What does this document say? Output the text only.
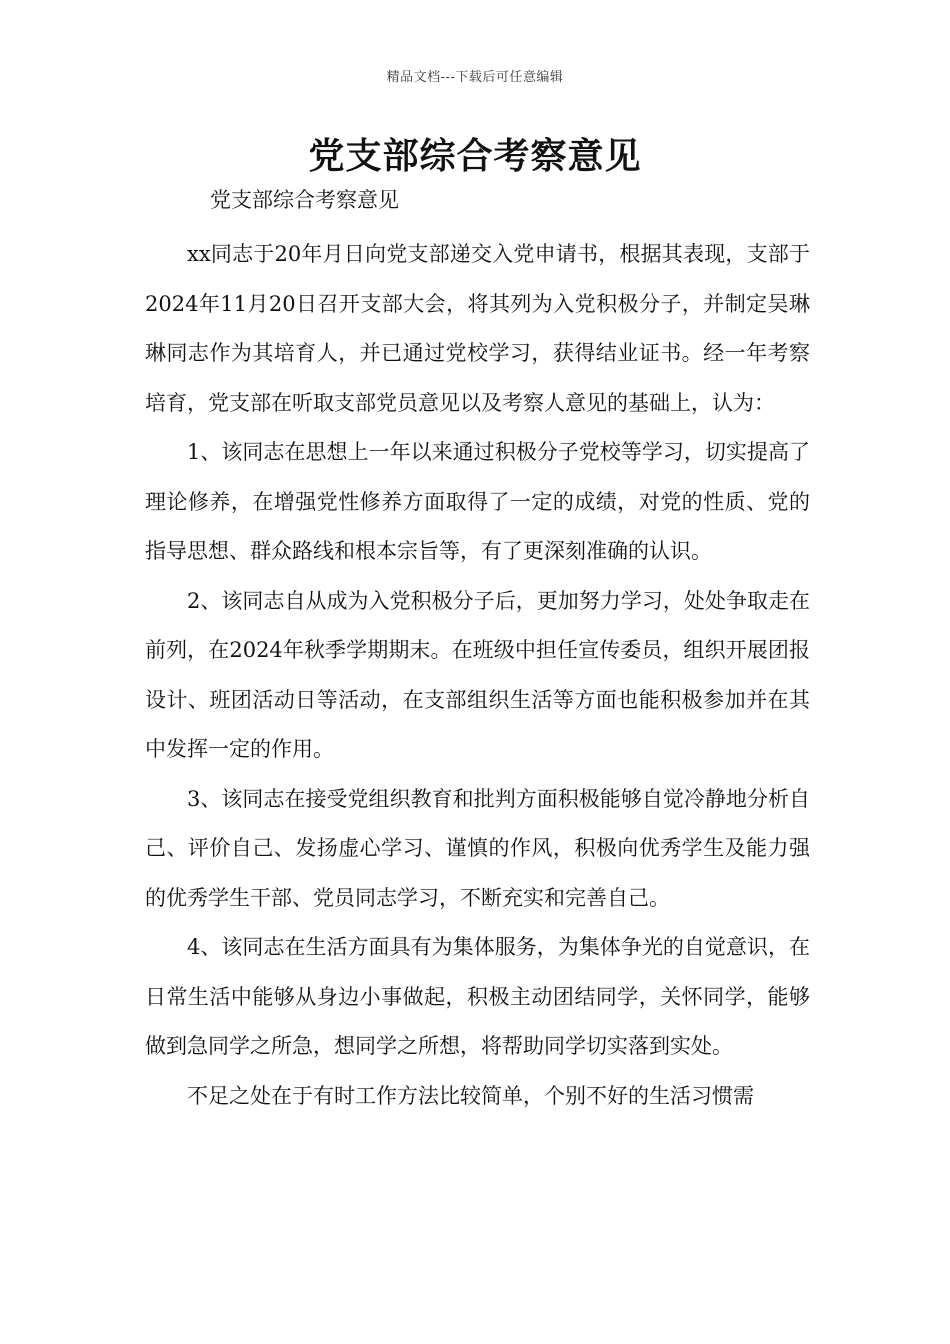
精品文档---下载后可任意编辑
党支部综合考察意见

党支部综合考察意见

xx同志于20年月日向党支部递交入党申请书，根据其表现，支部于2024年11月20日召开支部大会，将其列为入党积极分子，并制定吴琳琳同志作为其培育人，并已通过党校学习，获得结业证书。经一年考察培育，党支部在听取支部党员意见以及考察人意见的基础上，认为：

1、该同志在思想上一年以来通过积极分子党校等学习，切实提高了理论修养，在增强党性修养方面取得了一定的成绩，对党的性质、党的指导思想、群众路线和根本宗旨等，有了更深刻准确的认识。

2、该同志自从成为入党积极分子后，更加努力学习，处处争取走在前列，在2024年秋季学期期末。在班级中担任宣传委员，组织开展团报设计、班团活动日等活动，在支部组织生活等方面也能积极参加并在其中发挥一定的作用。

3、该同志在接受党组织教育和批判方面积极能够自觉冷静地分析自己、评价自己、发扬虚心学习、谨慎的作风，积极向优秀学生及能力强的优秀学生干部、党员同志学习，不断充实和完善自己。

4、该同志在生活方面具有为集体服务，为集体争光的自觉意识，在日常生活中能够从身边小事做起，积极主动团结同学，关怀同学，能够做到急同学之所急，想同学之所想，将帮助同学切实落到实处。

不足之处在于有时工作方法比较简单，个别不好的生活习惯需
